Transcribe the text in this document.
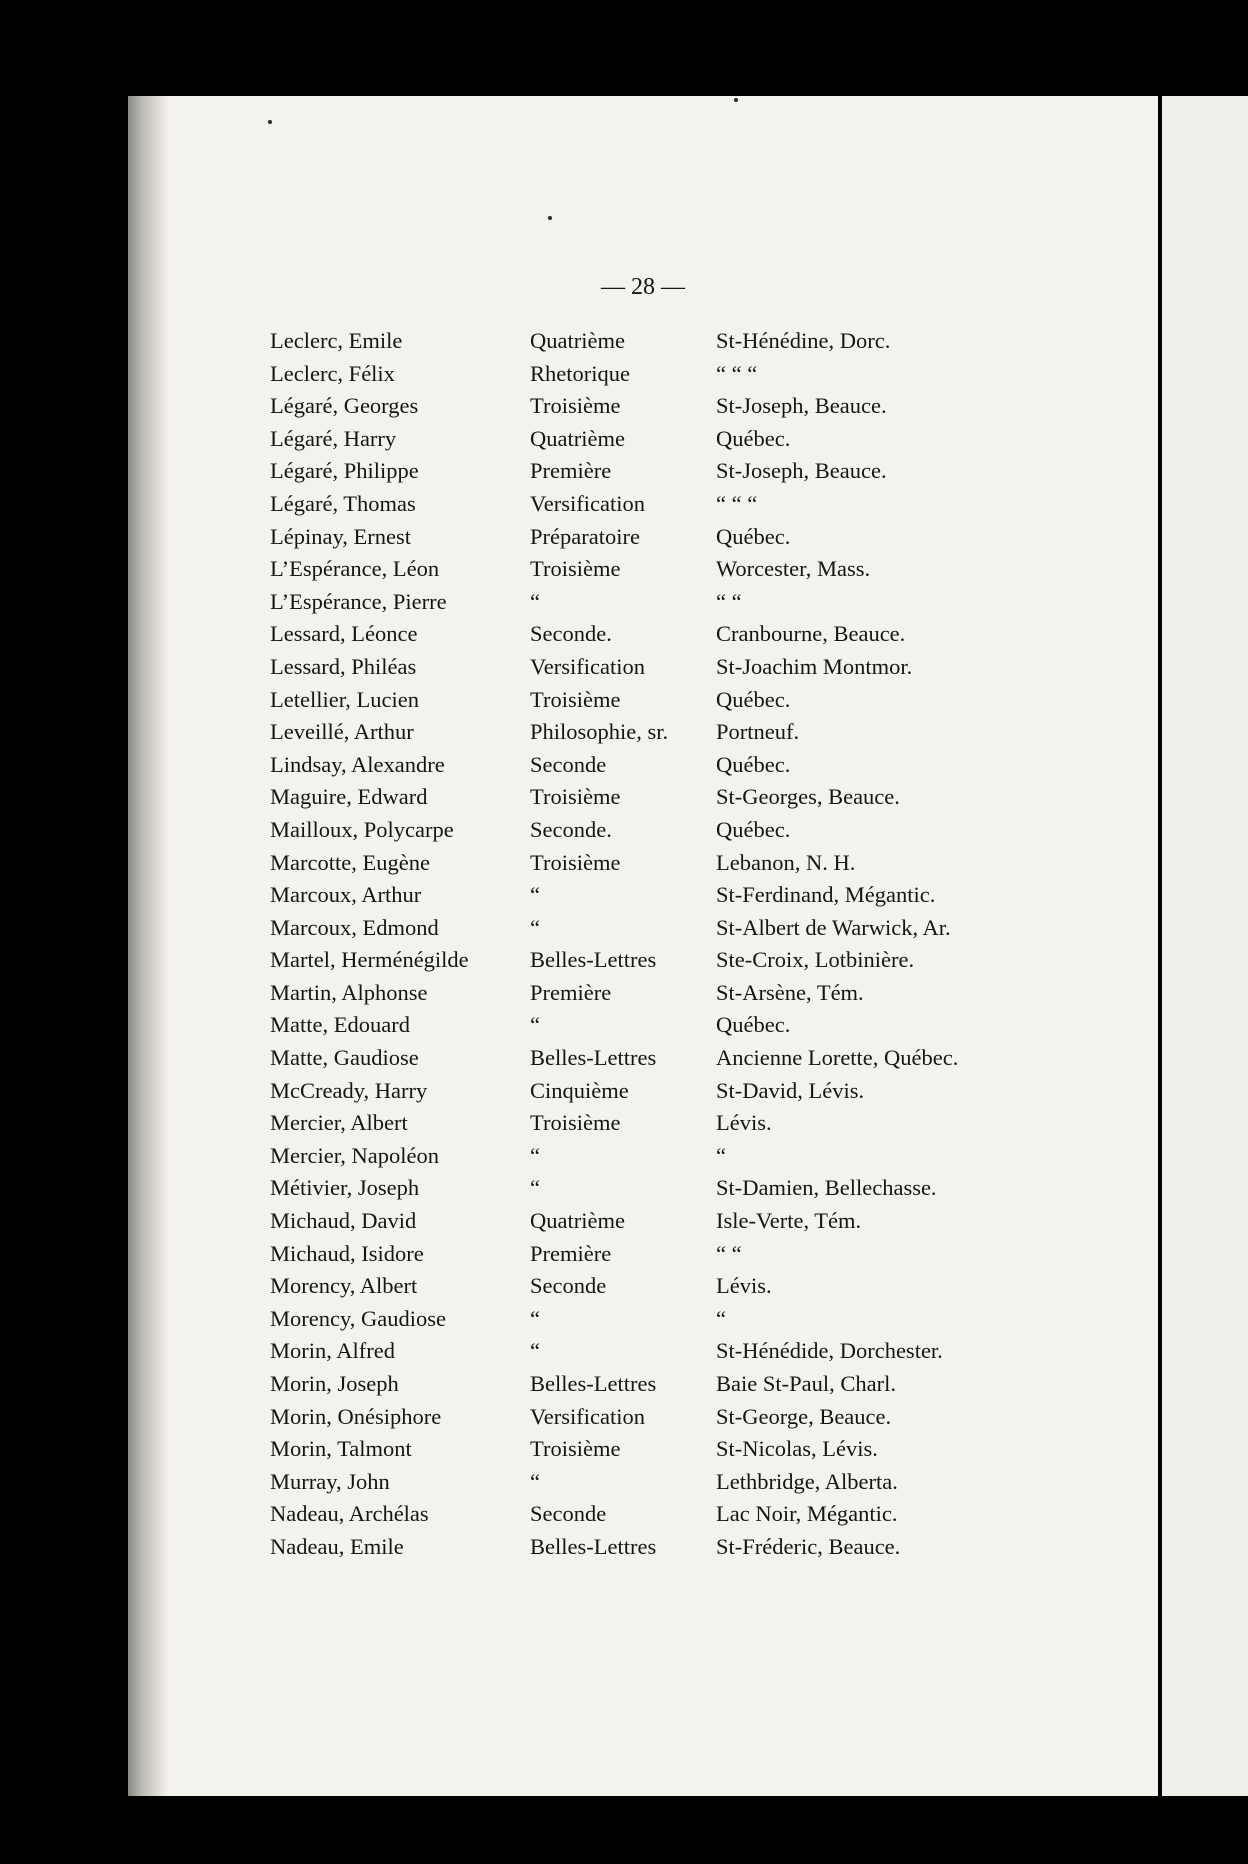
— 28 —
Leclerc, Emile	Quatrième	St-Hénédine, Dorc.
Leclerc, Félix	Rhetorique	“ “ “
Légaré, Georges	Troisième	St-Joseph, Beauce.
Légaré, Harry	Quatrième	Québec.
Légaré, Philippe	Première	St-Joseph, Beauce.
Légaré, Thomas	Versification	“ “ “
Lépinay, Ernest	Préparatoire	Québec.
L’Espérance, Léon	Troisième	Worcester, Mass.
L’Espérance, Pierre	“	“ “
Lessard, Léonce	Seconde.	Cranbourne, Beauce.
Lessard, Philéas	Versification	St-Joachim Montmor.
Letellier, Lucien	Troisième	Québec.
Leveillé, Arthur	Philosophie, sr.	Portneuf.
Lindsay, Alexandre	Seconde	Québec.
Maguire, Edward	Troisième	St-Georges, Beauce.
Mailloux, Polycarpe	Seconde.	Québec.
Marcotte, Eugène	Troisième	Lebanon, N. H.
Marcoux, Arthur	“	St-Ferdinand, Mégantic.
Marcoux, Edmond	“	St-Albert de Warwick, Ar.
Martel, Herménégilde	Belles-Lettres	Ste-Croix, Lotbinière.
Martin, Alphonse	Première	St-Arsène, Tém.
Matte, Edouard	“	Québec.
Matte, Gaudiose	Belles-Lettres	Ancienne Lorette, Québec.
McCready, Harry	Cinquième	St-David, Lévis.
Mercier, Albert	Troisième	Lévis.
Mercier, Napoléon	“	“
Métivier, Joseph	“	St-Damien, Bellechasse.
Michaud, David	Quatrième	Isle-Verte, Tém.
Michaud, Isidore	Première	“ “
Morency, Albert	Seconde	Lévis.
Morency, Gaudiose	“	“
Morin, Alfred	“	St-Hénédide, Dorchester.
Morin, Joseph	Belles-Lettres	Baie St-Paul, Charl.
Morin, Onésiphore	Versification	St-George, Beauce.
Morin, Talmont	Troisième	St-Nicolas, Lévis.
Murray, John	“	Lethbridge, Alberta.
Nadeau, Archélas	Seconde	Lac Noir, Mégantic.
Nadeau, Emile	Belles-Lettres	St-Fréderic, Beauce.
